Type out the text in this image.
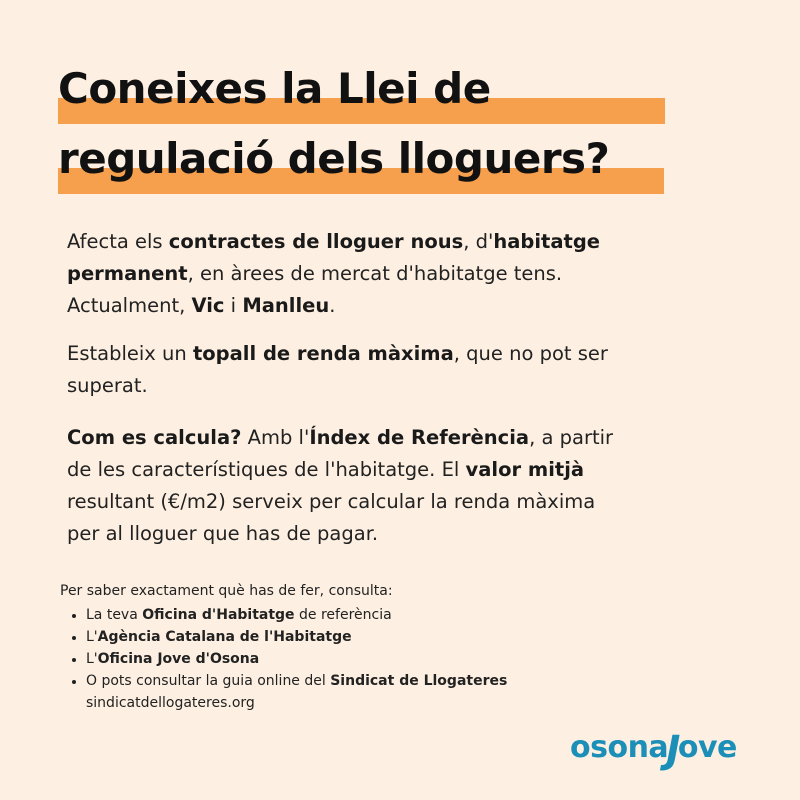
Coneixes la Llei de
regulació dels lloguers?
Afecta els contractes de lloguer nous, d'habitatge
permanent, en àrees de mercat d'habitatge tens.
Actualment, Vic i Manlleu.
Estableix un topall de renda màxima, que no pot ser
superat.
Com es calcula? Amb l'Índex de Referència, a partir
de les característiques de l'habitatge. El valor mitjà
resultant (€/m2) serveix per calcular la renda màxima
per al lloguer que has de pagar.
Per saber exactament què has de fer, consulta:
• La teva Oficina d'Habitatge de referència
• L'Agència Catalana de l'Habitatge
• L'Oficina Jove d'Osona
• O pots consultar la guia online del Sindicat de Llogateres
sindicatdellogateres.org
osonaJove
